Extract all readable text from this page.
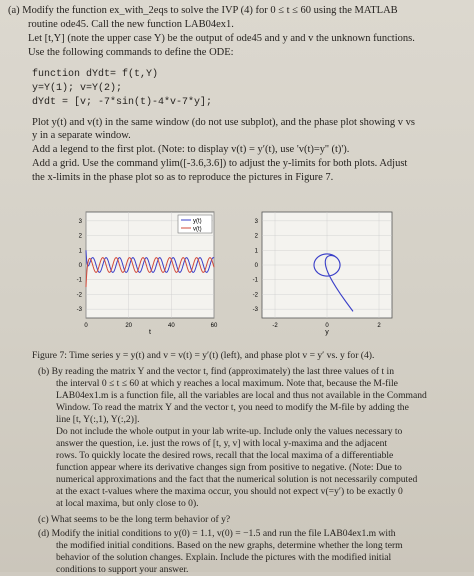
(a) Modify the function ex_with_2eqs to solve the IVP (4) for 0 ≤ t ≤ 60 using the MATLAB
routine ode45. Call the new function LAB04ex1.
Let [t,Y] (note the upper case Y) be the output of ode45 and y and v the unknown functions.
Use the following commands to define the ODE:
function dYdt= f(t,Y)
y=Y(1); v=Y(2);
dYdt = [v; -7*sin(t)-4*v-7*y];
Plot y(t) and v(t) in the same window (do not use subplot), and the phase plot showing v vs
y in a separate window.
Add a legend to the first plot. (Note: to display v(t) = y′(t), use 'v(t)=y'' (t)').
Add a grid. Use the command ylim([-3.6,3.6]) to adjust the y-limits for both plots. Adjust
the x-limits in the phase plot so as to reproduce the pictures in Figure 7.
3
2
1
0
-1
-2
-3
0	20	40	60
y(t)
v(t)
t
3
2
1
0
-1
-2
-3
-2	0	2
y
Figure 7: Time series y = y(t) and v = v(t) = y′(t) (left), and phase plot v = y′ vs. y for (4).
(b) By reading the matrix Y and the vector t, find (approximately) the last three values of t in
the interval 0 ≤ t ≤ 60 at which y reaches a local maximum. Note that, because the M-file
LAB04ex1.m is a function file, all the variables are local and thus not available in the Command
Window. To read the matrix Y and the vector t, you need to modify the M-file by adding the
line [t, Y(:,1), Y(:,2)].
Do not include the whole output in your lab write-up. Include only the values necessary to
answer the question, i.e. just the rows of [t, y, v] with local y-maxima and the adjacent
rows. To quickly locate the desired rows, recall that the local maxima of a differentiable
function appear where its derivative changes sign from positive to negative. (Note: Due to
numerical approximations and the fact that the numerical solution is not necessarily computed
at the exact t-values where the maxima occur, you should not expect v(=y′) to be exactly 0
at local maxima, but only close to 0).
(c) What seems to be the long term behavior of y?
(d) Modify the initial conditions to y(0) = 1.1, v(0) = −1.5 and run the file LAB04ex1.m with
the modified initial conditions. Based on the new graphs, determine whether the long term
behavior of the solution changes. Explain. Include the pictures with the modified initial
conditions to support your answer.
